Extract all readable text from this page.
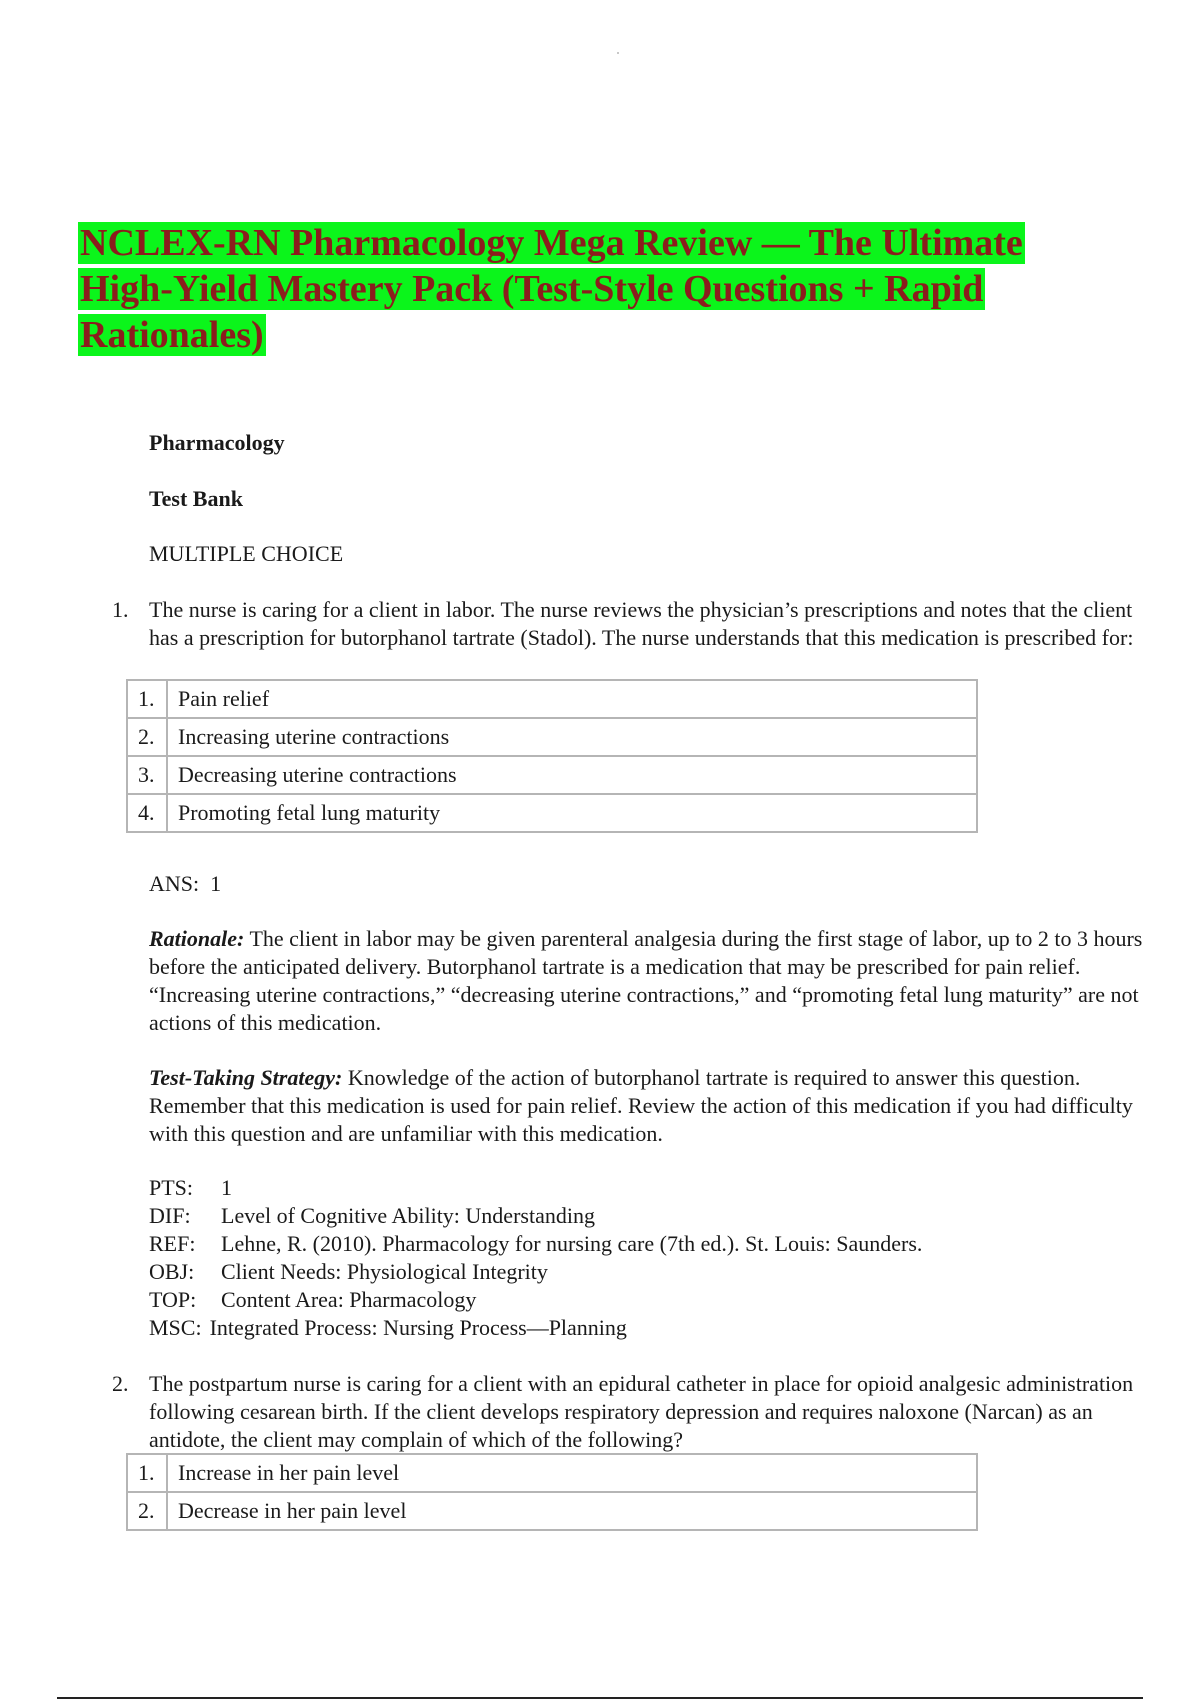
NCLEX-RN Pharmacology Mega Review — The Ultimate High-Yield Mastery Pack (Test-Style Questions + Rapid Rationales)
Pharmacology
Test Bank
MULTIPLE CHOICE
1. The nurse is caring for a client in labor. The nurse reviews the physician’s prescriptions and notes that the client has a prescription for butorphanol tartrate (Stadol). The nurse understands that this medication is prescribed for:
1.	Pain relief
2.	Increasing uterine contractions
3.	Decreasing uterine contractions
4.	Promoting fetal lung maturity
ANS: 1
Rationale: The client in labor may be given parenteral analgesia during the first stage of labor, up to 2 to 3 hours before the anticipated delivery. Butorphanol tartrate is a medication that may be prescribed for pain relief. “Increasing uterine contractions,” “decreasing uterine contractions,” and “promoting fetal lung maturity” are not actions of this medication.
Test-Taking Strategy: Knowledge of the action of butorphanol tartrate is required to answer this question. Remember that this medication is used for pain relief. Review the action of this medication if you had difficulty with this question and are unfamiliar with this medication.
PTS: 1
DIF: Level of Cognitive Ability: Understanding
REF: Lehne, R. (2010). Pharmacology for nursing care (7th ed.). St. Louis: Saunders.
OBJ: Client Needs: Physiological Integrity
TOP: Content Area: Pharmacology
MSC: Integrated Process: Nursing Process—Planning
2. The postpartum nurse is caring for a client with an epidural catheter in place for opioid analgesic administration following cesarean birth. If the client develops respiratory depression and requires naloxone (Narcan) as an antidote, the client may complain of which of the following?
1.	Increase in her pain level
2.	Decrease in her pain level
